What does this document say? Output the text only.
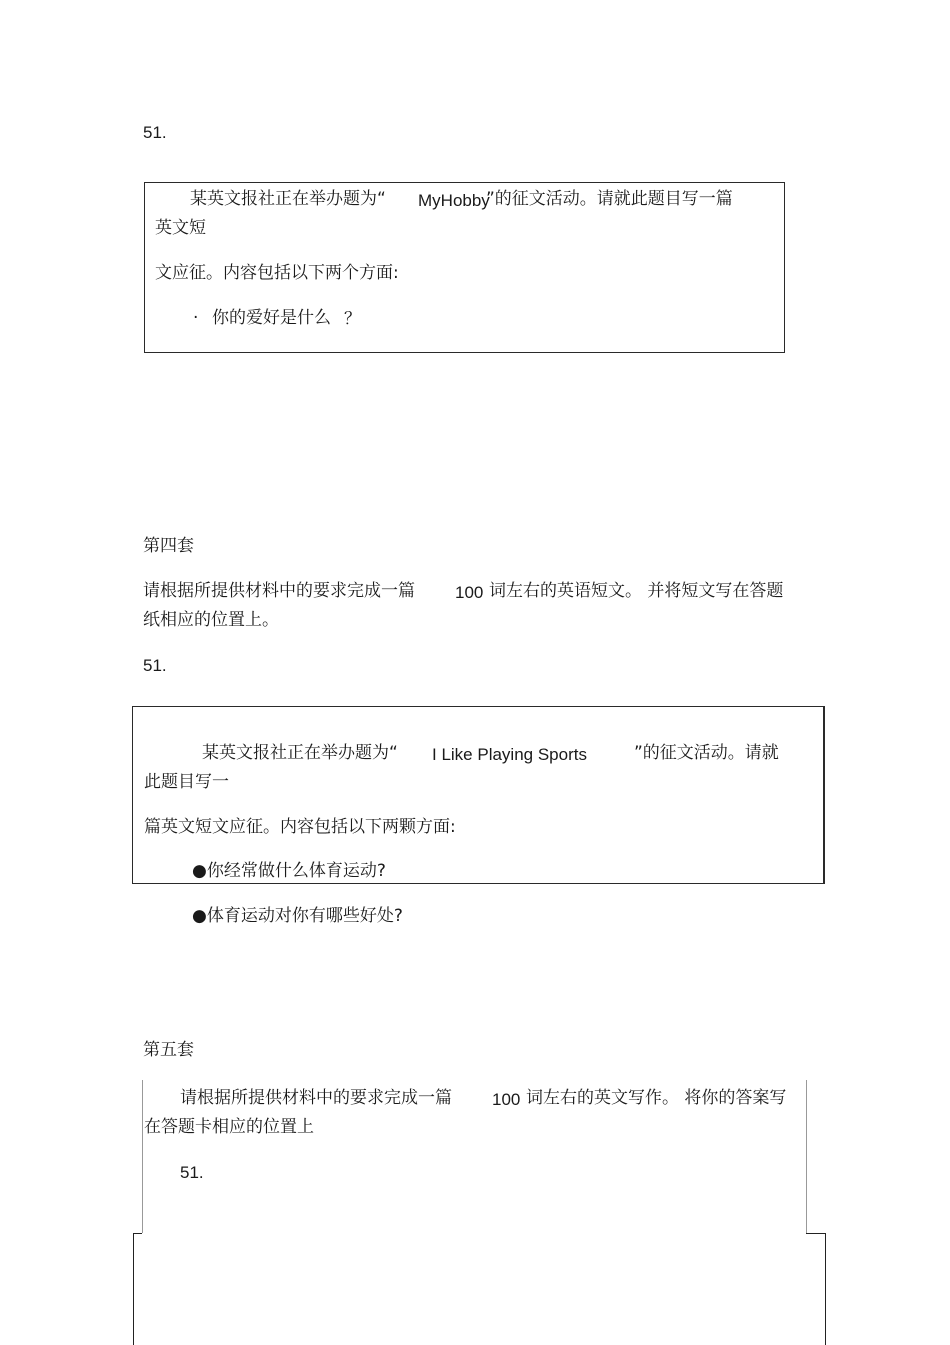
51.
某英文报社正在举办题为“ MyHobby
”的征文活动。请就此题目写一篇
英文短
文应征。内容包括以下两个方面:
· 你的爱好是什么 ？
第四套
请根据所提供材料中的要求完成一篇 100 词左右的英语短文。 并将短文写在答题
纸相应的位置上。
51.
某英文报社正在举办题为“ I Like Playing Sports	”的征文活动。请就
此题目写一
篇英文短文应征。内容包括以下两颗方面:
●你经常做什么体育运动?
●体育运动对你有哪些好处?
第五套
请根据所提供材料中的要求完成一篇 100 词左右的英文写作。 将你的答案写
在答题卡相应的位置上
51.
